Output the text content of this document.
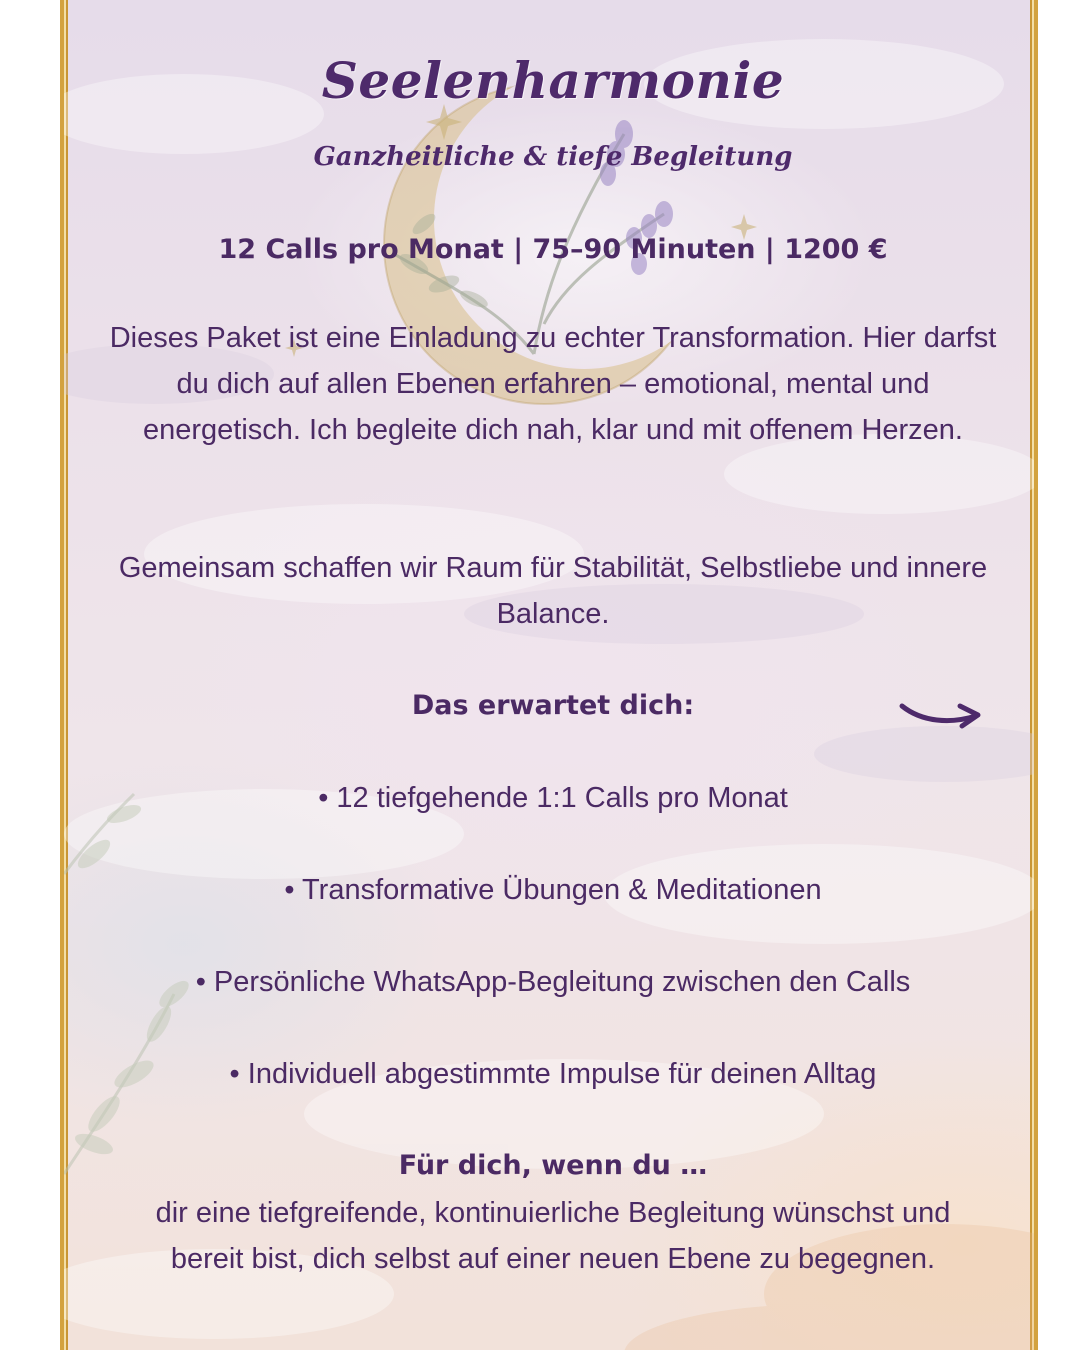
Seelenharmonie
Ganzheitliche & tiefe Begleitung

12 Calls pro Monat | 75–90 Minuten | 1200 €

Dieses Paket ist eine Einladung zu echter Transformation. Hier darfst du dich auf allen Ebenen erfahren – emotional, mental und energetisch. Ich begleite dich nah, klar und mit offenem Herzen.

Gemeinsam schaffen wir Raum für Stabilität, Selbstliebe und innere Balance.

Das erwartet dich:

• 12 tiefgehende 1:1 Calls pro Monat

• Transformative Übungen & Meditationen

• Persönliche WhatsApp-Begleitung zwischen den Calls

• Individuell abgestimmte Impulse für deinen Alltag

Für dich, wenn du …

dir eine tiefgreifende, kontinuierliche Begleitung wünschst und bereit bist, dich selbst auf einer neuen Ebene zu begegnen.
